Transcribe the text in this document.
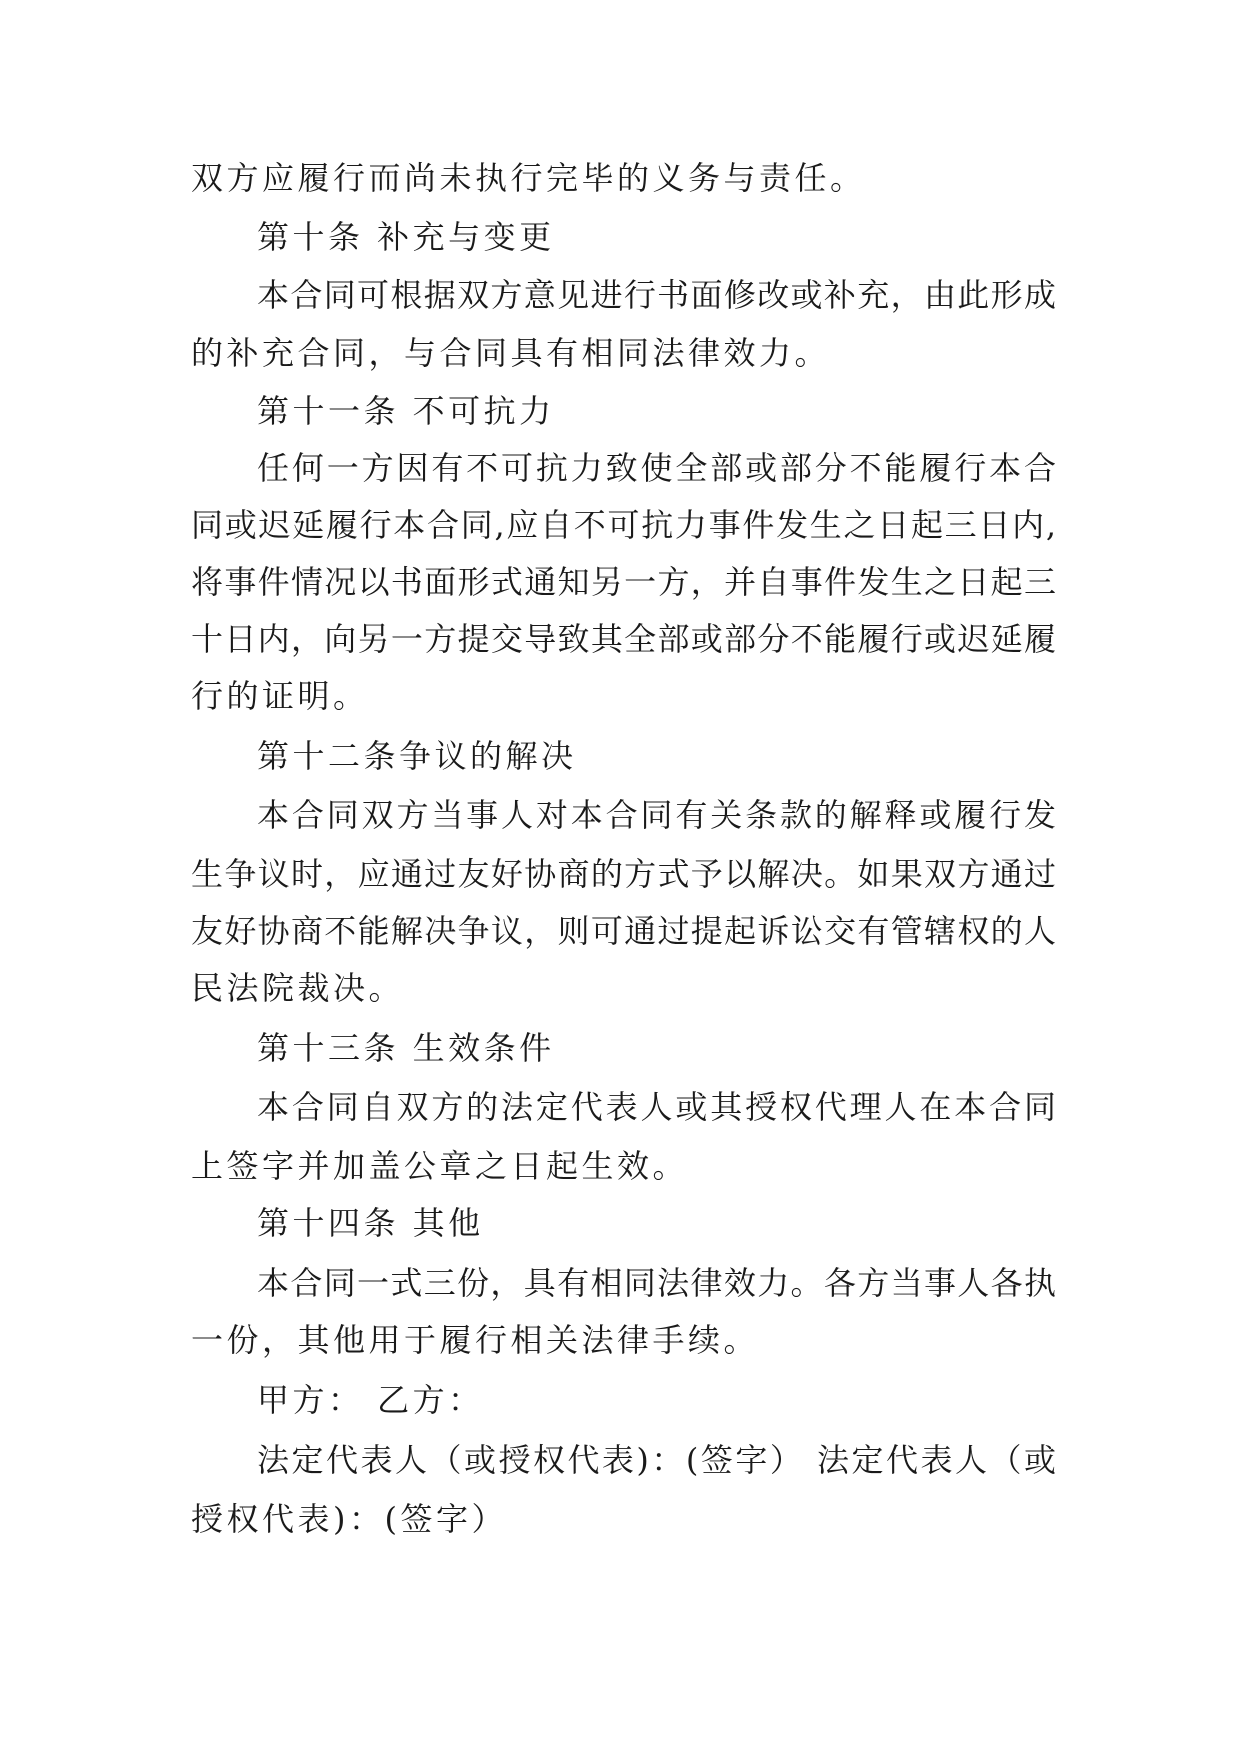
双方应履行而尚未执行完毕的义务与责任。
第十条 补充与变更
本合同可根据双方意见进行书面修改或补充，由此形成
的补充合同，与合同具有相同法律效力。
第十一条 不可抗力
任何一方因有不可抗力致使全部或部分不能履行本合
同或迟延履行本合同,应自不可抗力事件发生之日起三日内,
将事件情况以书面形式通知另一方，并自事件发生之日起三
十日内，向另一方提交导致其全部或部分不能履行或迟延履
行的证明。
第十二条争议的解决
本合同双方当事人对本合同有关条款的解释或履行发
生争议时，应通过友好协商的方式予以解决。如果双方通过
友好协商不能解决争议，则可通过提起诉讼交有管辖权的人
民法院裁决。
第十三条 生效条件
本合同自双方的法定代表人或其授权代理人在本合同
上签字并加盖公章之日起生效。
第十四条 其他
本合同一式三份，具有相同法律效力。各方当事人各执
一份，其他用于履行相关法律手续。
甲方： 乙方：
法定代表人（或授权代表)：(签字） 法定代表人（或
授权代表)：(签字）
